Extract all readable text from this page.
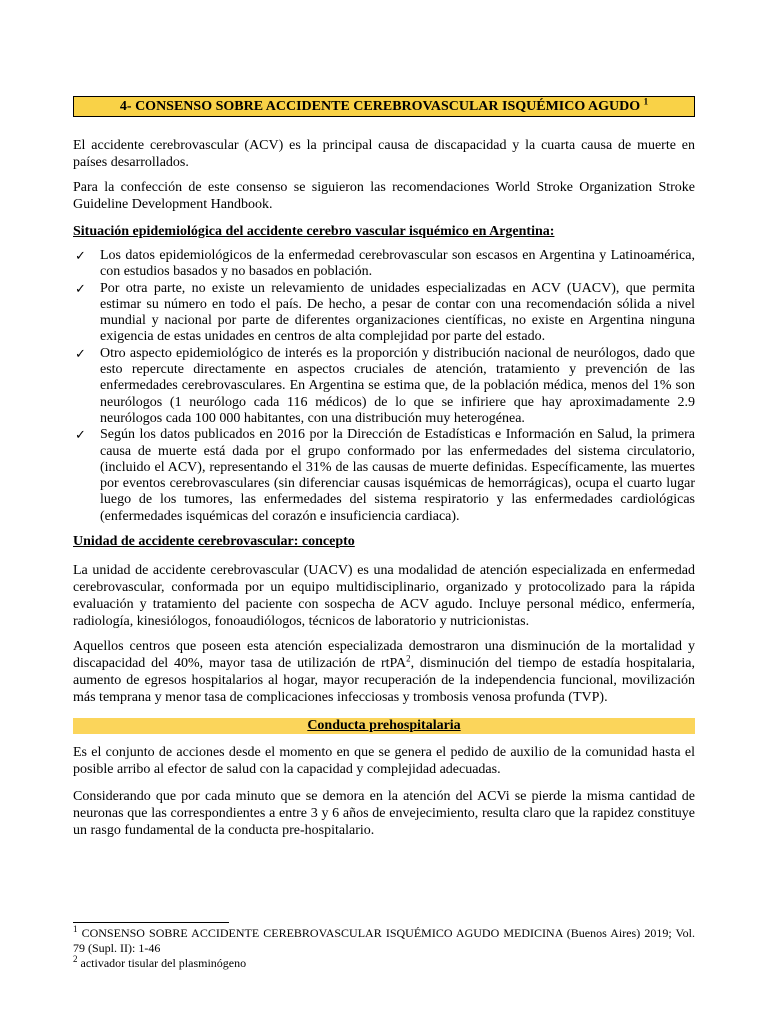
4- CONSENSO SOBRE ACCIDENTE CEREBROVASCULAR ISQUÉMICO AGUDO $^1$

El accidente cerebrovascular (ACV) es la principal causa de discapacidad y la cuarta causa de muerte en países desarrollados.

Para la confección de este consenso se siguieron las recomendaciones World Stroke Organization Stroke Guideline Development Handbook.

Situación epidemiológica del accidente cerebro vascular isquémico en Argentina:
✓ Los datos epidemiológicos de la enfermedad cerebrovascular son escasos en Argentina y Latinoamérica, con estudios basados y no basados en población.
✓ Por otra parte, no existe un relevamiento de unidades especializadas en ACV (UACV), que permita estimar su número en todo el país. De hecho, a pesar de contar con una recomendación sólida a nivel mundial y nacional por parte de diferentes organizaciones científicas, no existe en Argentina ninguna exigencia de estas unidades en centros de alta complejidad por parte del estado.
✓ Otro aspecto epidemiológico de interés es la proporción y distribución nacional de neurólogos, dado que esto repercute directamente en aspectos cruciales de atención, tratamiento y prevención de las enfermedades cerebrovasculares. En Argentina se estima que, de la población médica, menos del 1% son neurólogos (1 neurólogo cada 116 médicos) de lo que se infiriere que hay aproximadamente 2.9 neurólogos cada 100 000 habitantes, con una distribución muy heterogénea.
✓ Según los datos publicados en 2016 por la Dirección de Estadísticas e Información en Salud, la primera causa de muerte está dada por el grupo conformado por las enfermedades del sistema circulatorio, (incluido el ACV), representando el 31% de las causas de muerte definidas. Específicamente, las muertes por eventos cerebrovasculares (sin diferenciar causas isquémicas de hemorrágicas), ocupa el cuarto lugar luego de los tumores, las enfermedades del sistema respiratorio y las enfermedades cardiológicas (enfermedades isquémicas del corazón e insuficiencia cardiaca).
Unidad de accidente cerebrovascular: concepto

La unidad de accidente cerebrovascular (UACV) es una modalidad de atención especializada en enfermedad cerebrovascular, conformada por un equipo multidisciplinario, organizado y protocolizado para la rápida evaluación y tratamiento del paciente con sospecha de ACV agudo. Incluye personal médico, enfermería, radiología, kinesiólogos, fonoaudiólogos, técnicos de laboratorio y nutricionistas.

Aquellos centros que poseen esta atención especializada demostraron una disminución de la mortalidad y discapacidad del 40%, mayor tasa de utilización de rtPA$^2$, disminución del tiempo de estadía hospitalaria, aumento de egresos hospitalarios al hogar, mayor recuperación de la independencia funcional, movilización más temprana y menor tasa de complicaciones infecciosas y trombosis venosa profunda (TVP).

Conducta prehospitalaria

Es el conjunto de acciones desde el momento en que se genera el pedido de auxilio de la comunidad hasta el posible arribo al efector de salud con la capacidad y complejidad adecuadas.

Considerando que por cada minuto que se demora en la atención del ACVi se pierde la misma cantidad de neuronas que las correspondientes a entre 3 y 6 años de envejecimiento, resulta claro que la rapidez constituye un rasgo fundamental de la conducta pre-hospitalario.

$^1$ CONSENSO SOBRE ACCIDENTE CEREBROVASCULAR ISQUÉMICO AGUDO MEDICINA (Buenos Aires) 2019; Vol. 79 (Supl. II): 1-46

$^2$ activador tisular del plasminógeno
